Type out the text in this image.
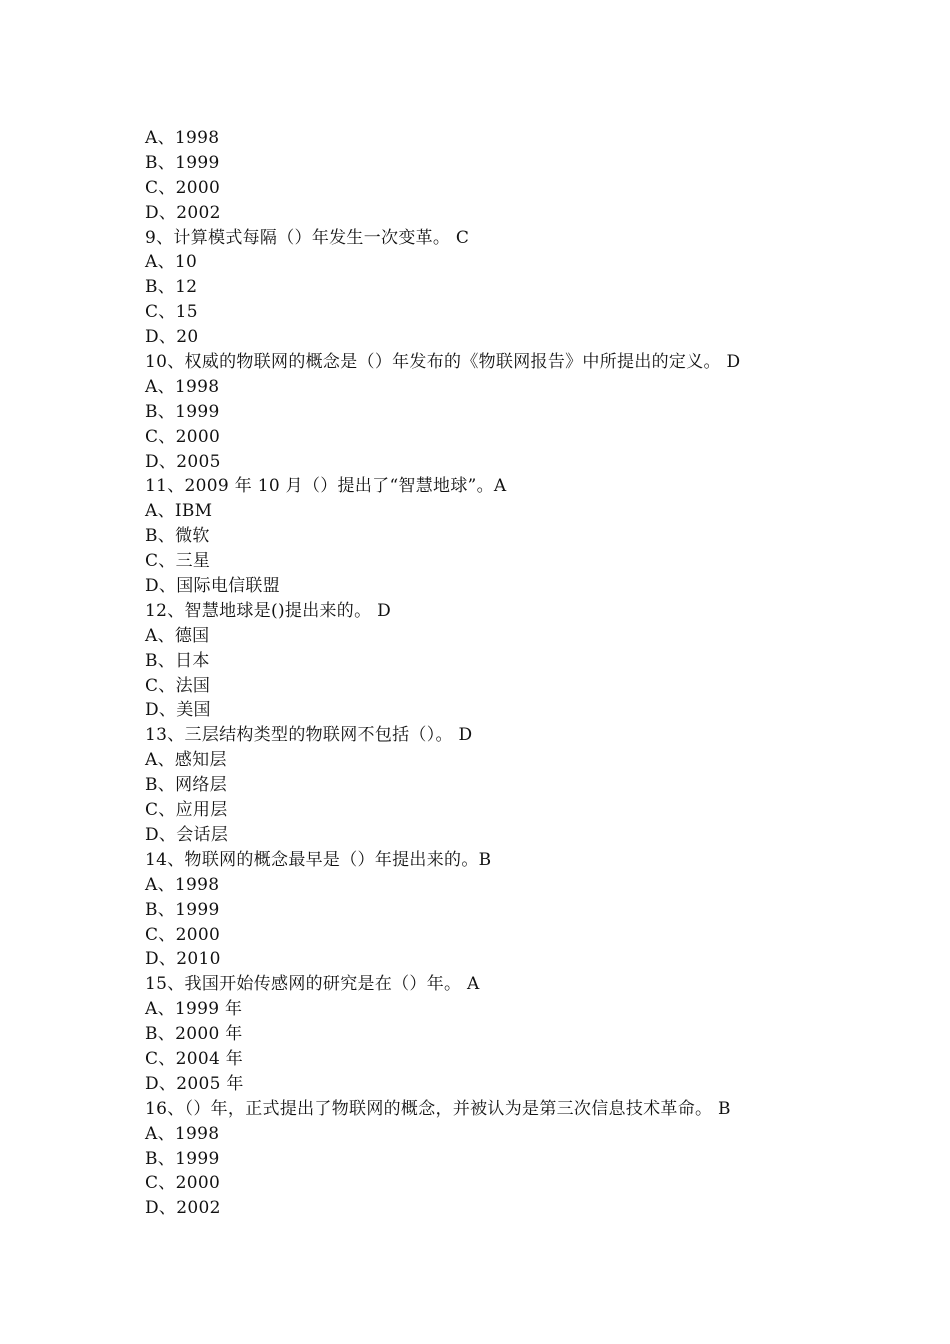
A、1998
B、1999
C、2000
D、2002
9、计算模式每隔（）年发生一次变革。 C
A、10
B、12
C、15
D、20
10、权威的物联网的概念是（）年发布的《物联网报告》中所提出的定义。 D
A、1998
B、1999
C、2000
D、2005
11、2009 年 10 月（）提出了“智慧地球”。A
A、IBM
B、微软
C、三星
D、国际电信联盟
12、智慧地球是()提出来的。 D
A、德国
B、日本
C、法国
D、美国
13、三层结构类型的物联网不包括（）。 D
A、感知层
B、网络层
C、应用层
D、会话层
14、物联网的概念最早是（）年提出来的。B
A、1998
B、1999
C、2000
D、2010
15、我国开始传感网的研究是在（）年。 A
A、1999 年
B、2000 年
C、2004 年
D、2005 年
16、（）年，正式提出了物联网的概念，并被认为是第三次信息技术革命。 B
A、1998
B、1999
C、2000
D、2002
